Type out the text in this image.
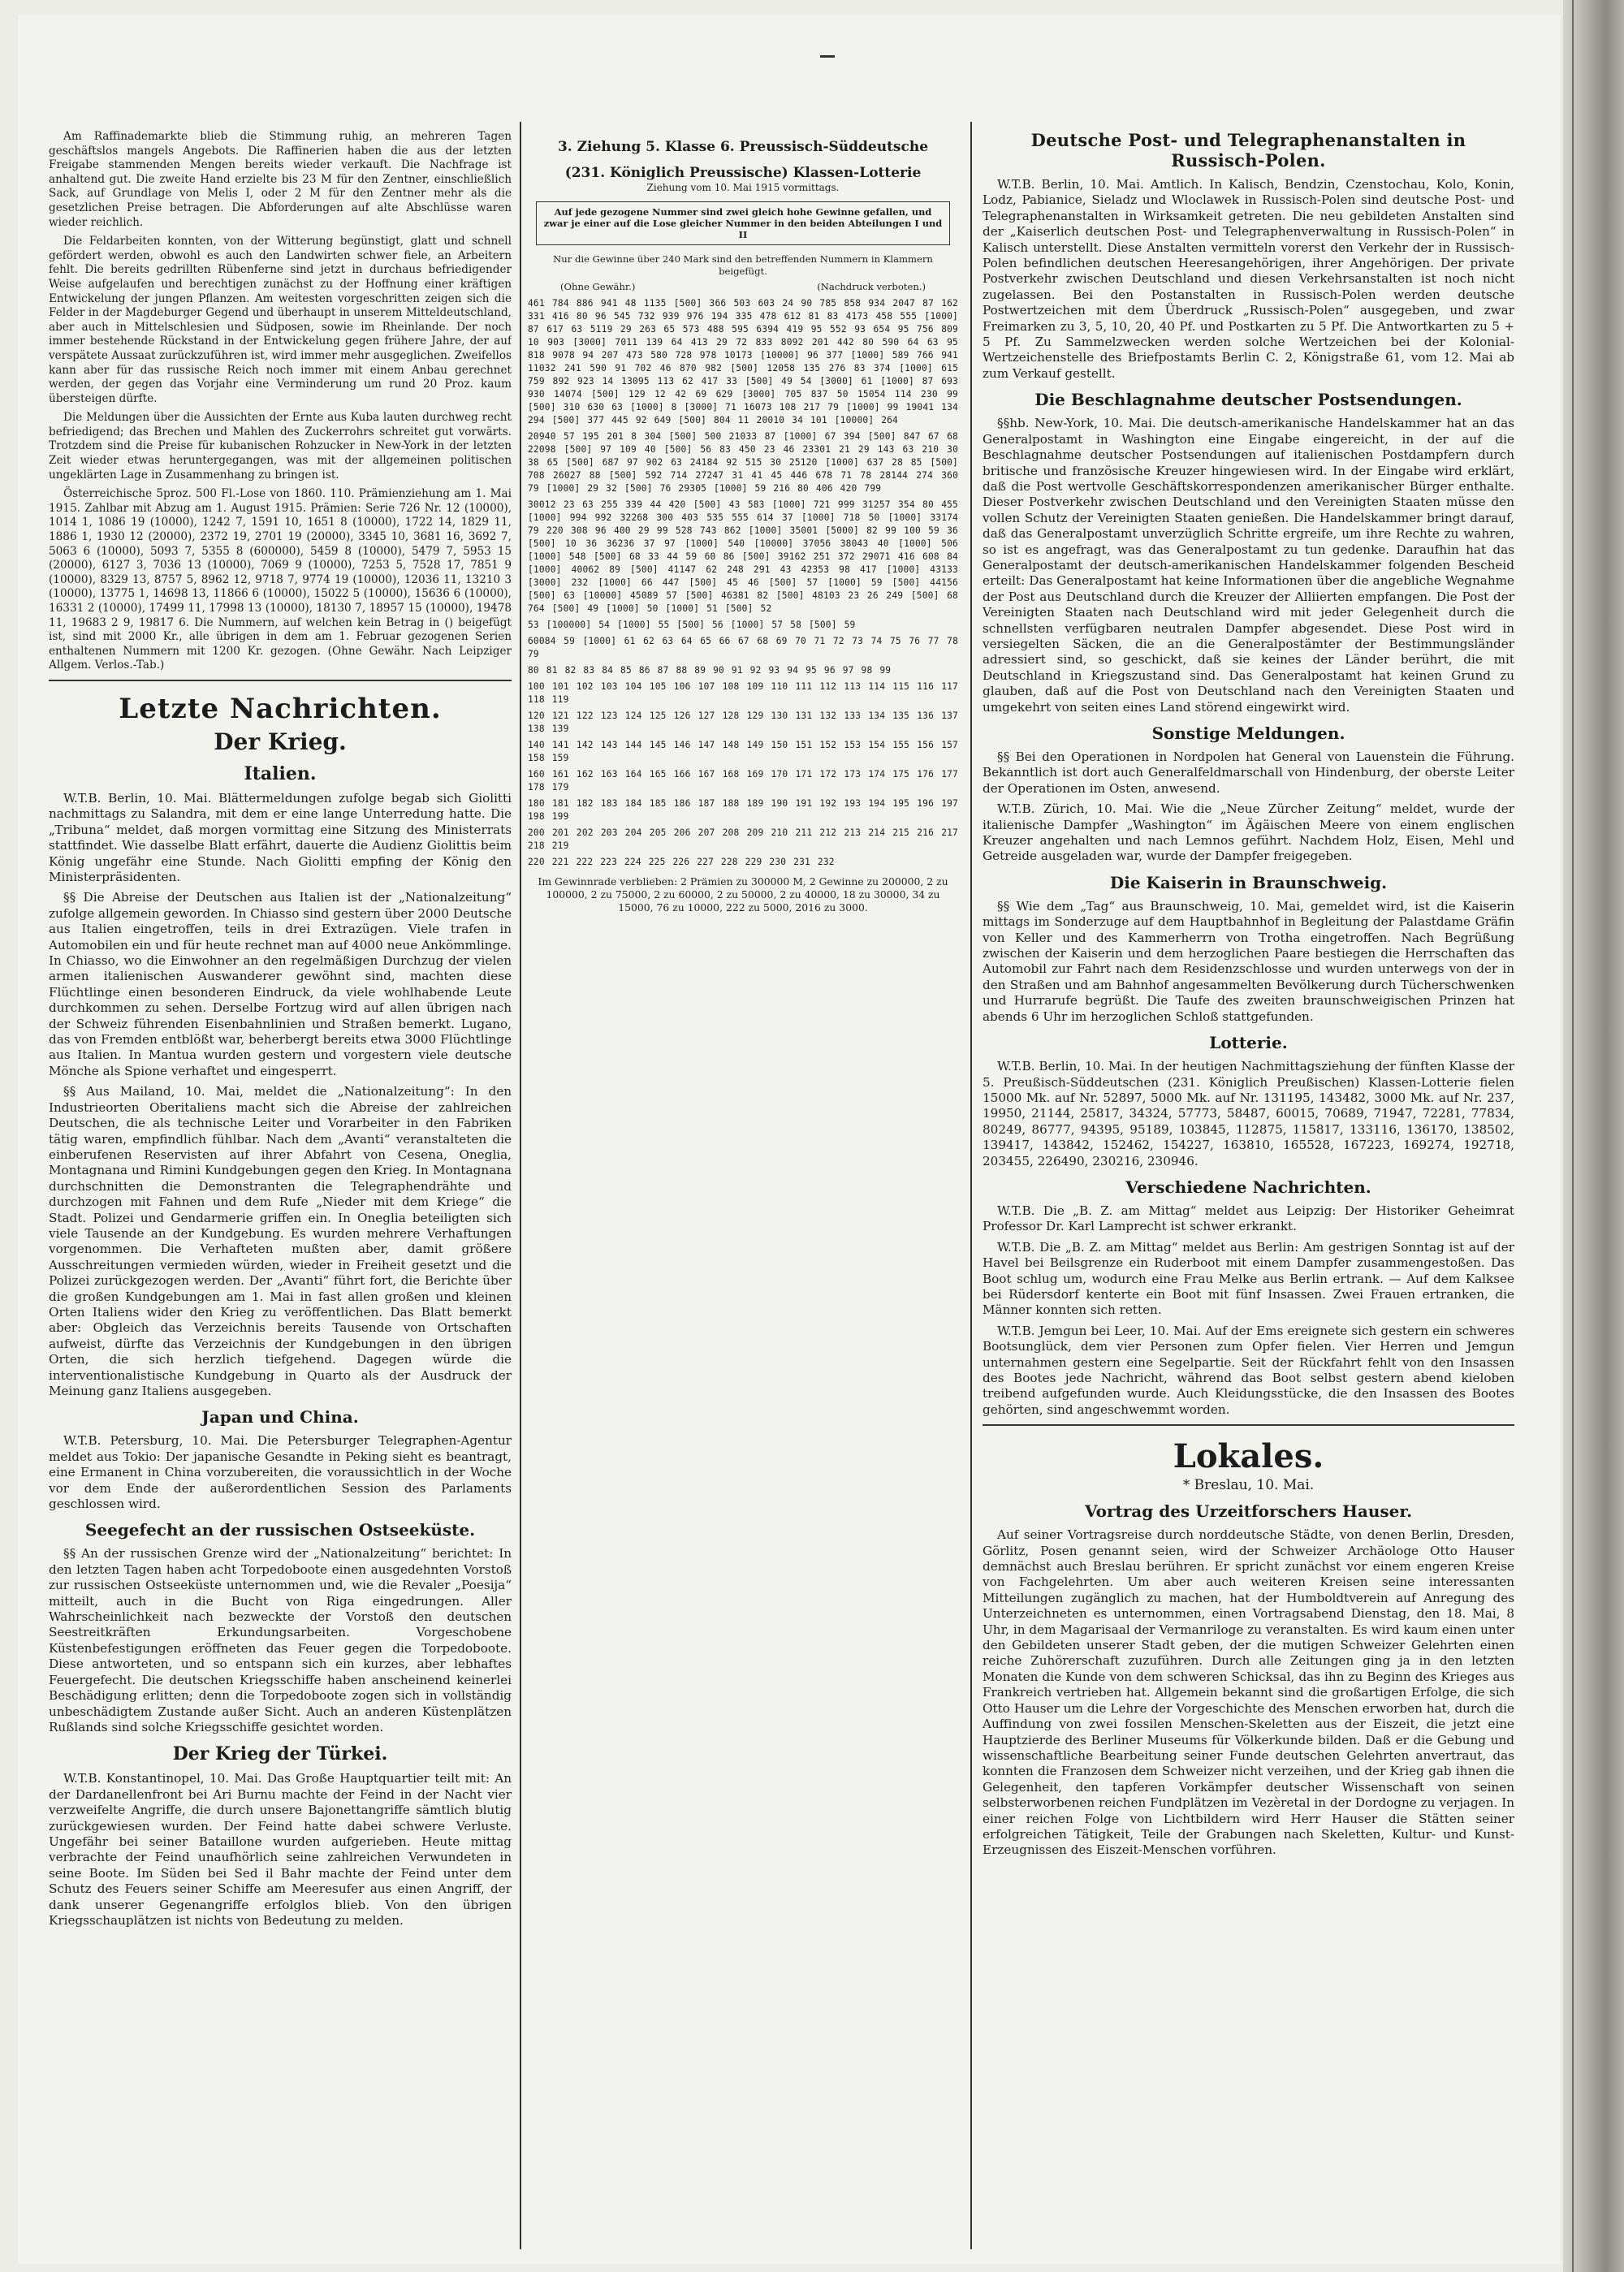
Am Raffinademarkte blieb die Stimmung ruhig, an mehreren Tagen geschäftslos mangels Angebots. Die Raffinerien haben die aus der letzten Freigabe stammenden Mengen bereits wieder verkauft. Die Nachfrage ist anhaltend gut. Die zweite Hand erzielte bis 23 M für den Zentner, einschließlich Sack, auf Grundlage von Melis I, oder 2 M für den Zentner mehr als die gesetzlichen Preise betragen. Die Abforderungen auf alte Abschlüsse waren wieder reichlich.

Die Feldarbeiten konnten, von der Witterung begünstigt, glatt und schnell gefördert werden, obwohl es auch den Landwirten schwer fiele, an Arbeitern fehlt. Die bereits gedrillten Rübenferne sind jetzt in durchaus befriedigender Weise aufgelaufen und berechtigen zunächst zu der Hoffnung einer kräftigen Entwickelung der jungen Pflanzen. Am weitesten vorgeschritten zeigen sich die Felder in der Magdeburger Gegend und überhaupt in unserem Mitteldeutschland, aber auch in Mittelschlesien und Südposen, sowie im Rheinlande. Der noch immer bestehende Rückstand in der Entwickelung gegen frühere Jahre, der auf verspätete Aussaat zurückzuführen ist, wird immer mehr ausgeglichen. Zweifellos kann aber für das russische Reich noch immer mit einem Anbau gerechnet werden, der gegen das Vorjahr eine Verminderung um rund 20 Proz. kaum übersteigen dürfte.

Die Meldungen über die Aussichten der Ernte aus Kuba lauten durchweg recht befriedigend; das Brechen und Mahlen des Zuckerrohrs schreitet gut vorwärts. Trotzdem sind die Preise für kubanischen Rohzucker in New-York in der letzten Zeit wieder etwas heruntergegangen, was mit der allgemeinen politischen ungeklärten Lage in Zusammenhang zu bringen ist.

Österreichische 5proz. 500 Fl.-Lose von 1860. 110. Prämienziehung am 1. Mai 1915. Zahlbar mit Abzug am 1. August 1915. Prämien: Serie 726 Nr. 12 (10000), 1014 1, 1086 19 (10000), 1242 7, 1591 10, 1651 8 (10000), 1722 14, 1829 11, 1886 1, 1930 12 (20000), 2372 19, 2701 19 (20000), 3345 10, 3681 16, 3692 7, 5063 6 (10000), 5093 7, 5355 8 (600000), 5459 8 (10000), 5479 7, 5953 15 (20000), 6127 3, 7036 13 (10000), 7069 9 (10000), 7253 5, 7528 17, 7851 9 (10000), 8329 13, 8757 5, 8962 12, 9718 7, 9774 19 (10000), 12036 11, 13210 3 (10000), 13775 1, 14698 13, 11866 6 (10000), 15022 5 (10000), 15636 6 (10000), 16331 2 (10000), 17499 11, 17998 13 (10000), 18130 7, 18957 15 (10000), 19478 11, 19683 2 9, 19817 6. Die Nummern, auf welchen kein Betrag in () beigefügt ist, sind mit 2000 Kr., alle übrigen in dem am 1. Februar gezogenen Serien enthaltenen Nummern mit 1200 Kr. gezogen. (Ohne Gewähr. Nach Leipziger Allgem. Verlos.-Tab.)

Letzte Nachrichten.
Der Krieg.
Italien.

W.T.B. Berlin, 10. Mai. Blättermeldungen zufolge begab sich Giolitti nachmittags zu Salandra, mit dem er eine lange Unterredung hatte. Die „Tribuna“ meldet, daß morgen vormittag eine Sitzung des Ministerrats stattfindet. Wie dasselbe Blatt erfährt, dauerte die Audienz Giolittis beim König ungefähr eine Stunde. Nach Giolitti empfing der König den Ministerpräsidenten.

§§ Die Abreise der Deutschen aus Italien ist der „Nationalzeitung“ zufolge allgemein geworden. In Chiasso sind gestern über 2000 Deutsche aus Italien eingetroffen, teils in drei Extrazügen. Viele trafen in Automobilen ein und für heute rechnet man auf 4000 neue Ankömmlinge. In Chiasso, wo die Einwohner an den regelmäßigen Durchzug der vielen armen italienischen Auswanderer gewöhnt sind, machten diese Flüchtlinge einen besonderen Eindruck, da viele wohlhabende Leute durchkommen zu sehen. Derselbe Fortzug wird auf allen übrigen nach der Schweiz führenden Eisenbahnlinien und Straßen bemerkt. Lugano, das von Fremden entblößt war, beherbergt bereits etwa 3000 Flüchtlinge aus Italien. In Mantua wurden gestern und vorgestern viele deutsche Mönche als Spione verhaftet und eingesperrt.

§§ Aus Mailand, 10. Mai, meldet die „Nationalzeitung“: In den Industrieorten Oberitaliens macht sich die Abreise der zahlreichen Deutschen, die als technische Leiter und Vorarbeiter in den Fabriken tätig waren, empfindlich fühlbar. Nach dem „Avanti“ veranstalteten die einberufenen Reservisten auf ihrer Abfahrt von Cesena, Oneglia, Montagnana und Rimini Kundgebungen gegen den Krieg. In Montagnana durchschnitten die Demonstranten die Telegraphendrähte und durchzogen mit Fahnen und dem Rufe „Nieder mit dem Kriege“ die Stadt. Polizei und Gendarmerie griffen ein. In Oneglia beteiligten sich viele Tausende an der Kundgebung. Es wurden mehrere Verhaftungen vorgenommen. Die Verhafteten mußten aber, damit größere Ausschreitungen vermieden würden, wieder in Freiheit gesetzt und die Polizei zurückgezogen werden. Der „Avanti“ führt fort, die Berichte über die großen Kundgebungen am 1. Mai in fast allen großen und kleinen Orten Italiens wider den Krieg zu veröffentlichen. Das Blatt bemerkt aber: Obgleich das Verzeichnis bereits Tausende von Ortschaften aufweist, dürfte das Verzeichnis der Kundgebungen in den übrigen Orten, die sich herzlich tiefgehend. Dagegen würde die interventionalistische Kundgebung in Quarto als der Ausdruck der Meinung ganz Italiens ausgegeben.

Japan und China.

W.T.B. Petersburg, 10. Mai. Die Petersburger Telegraphen-Agentur meldet aus Tokio: Der japanische Gesandte in Peking sieht es beantragt, eine Ermanent in China vorzubereiten, die voraussichtlich in der Woche vor dem Ende der außerordentlichen Session des Parlaments geschlossen wird.

Seegefecht an der russischen Ostseeküste.

§§ An der russischen Grenze wird der „Nationalzeitung“ berichtet: In den letzten Tagen haben acht Torpedoboote einen ausgedehnten Vorstoß zur russischen Ostseeküste unternommen und, wie die Revaler „Poesija“ mitteilt, auch in die Bucht von Riga eingedrungen. Aller Wahrscheinlichkeit nach bezweckte der Vorstoß den deutschen Seestreitkräften Erkundungsarbeiten. Vorgeschobene Küstenbefestigungen eröffneten das Feuer gegen die Torpedoboote. Diese antworteten, und so entspann sich ein kurzes, aber lebhaftes Feuergefecht. Die deutschen Kriegsschiffe haben anscheinend keinerlei Beschädigung erlitten; denn die Torpedoboote zogen sich in vollständig unbeschädigtem Zustande außer Sicht. Auch an anderen Küstenplätzen Rußlands sind solche Kriegsschiffe gesichtet worden.

Der Krieg der Türkei.

W.T.B. Konstantinopel, 10. Mai. Das Große Hauptquartier teilt mit: An der Dardanellenfront bei Ari Burnu machte der Feind in der Nacht vier verzweifelte Angriffe, die durch unsere Bajonettangriffe sämtlich blutig zurückgewiesen wurden. Der Feind hatte dabei schwere Verluste. Ungefähr bei seiner Bataillone wurden aufgerieben. Heute mittag verbrachte der Feind unaufhörlich seine zahlreichen Verwundeten in seine Boote. Im Süden bei Sed il Bahr machte der Feind unter dem Schutz des Feuers seiner Schiffe am Meeresufer aus einen Angriff, der dank unserer Gegenangriffe erfolglos blieb. Von den übrigen Kriegsschauplätzen ist nichts von Bedeutung zu melden.

3. Ziehung 5. Klasse 6. Preussisch-Süddeutsche
(231. Königlich Preussische) Klassen-Lotterie
Ziehung vom 10. Mai 1915 vormittags.
Auf jede gezogene Nummer sind zwei gleich hohe Gewinne gefallen, und zwar je einer auf die Lose gleicher Nummer in den beiden Abteilungen I und II
Nur die Gewinne über 240 Mark sind den betreffenden Nummern in Klammern beigefügt.
(Ohne Gewähr.)	(Nachdruck verboten.)
461 784 886 941 48 1135 [500] 366 503 603 24 90 785 858 934 2047 87 162 331 416 80 96 545 732 939 976 194 335 478 612 81 83 4173 458 555 [1000] 87 617 63 5119 29 263 65 573 488 595 6394 419 95 552 93 654 95 756 809 10 903 [3000] 7011 139 64 413 29 72 833 8092 201 442 80 590 64 63 95 818 9078 94 207 473 580 728 978 10173 [10000] 96 377 [1000] 589 766 941 11032 241 590 91 702 46 870 982 [500] 12058 135 276 83 374 [1000] 615 759 892 923 14 13095 113 62 417 33 [500] 49 54 [3000] 61 [1000] 87 693 930 14074 [500] 129 12 42 69 629 [3000] 705 837 50 15054 114 230 99 [500] 310 630 63 [1000] 8 [3000] 71 16073 108 217 79 [1000] 99 19041 134 294 [500] 377 445 92 649 [500] 804 11 20010 34 101 [10000] 264
20940 57 195 201 8 304 [500] 500 21033 87 [1000] 67 394 [500] 847 67 68 22098 [500] 97 109 40 [500] 56 83 450 23 46 23301 21 29 143 63 210 30 38 65 [500] 687 97 902 63 24184 92 515 30 25120 [1000] 637 28 85 [500] 708 26027 88 [500] 592 714 27247 31 41 45 446 678 71 78 28144 274 360 79 [1000] 29 32 [500] 76 29305 [1000] 59 216 80 406 420 799
30012 23 63 255 339 44 420 [500] 43 583 [1000] 721 999 31257 354 80 455 [1000] 994 992 32268 300 403 535 555 614 37 [1000] 718 50 [1000] 33174 79 220 308 96 400 29 99 528 743 862 [1000] 35001 [5000] 82 99 100 59 36 [500] 10 36 36236 37 97 [1000] 540 [10000] 37056 38043 40 [1000] 506 [1000] 548 [500] 68 33 44 59 60 86 [500] 39162 251 372 29071 416 608 84 [1000] 40062 89 [500] 41147 62 248 291 43 42353 98 417 [1000] 43133 [3000] 232 [1000] 66 447 [500] 45 46 [500] 57 [1000] 59 [500] 44156 [500] 63 [10000] 45089 57 [500] 46381 82 [500] 48103 23 26 249 [500] 68 764 [500] 49 [1000] 50 [1000] 51 [500] 52
53 [100000] 54 [1000] 55 [500] 56 [1000] 57 58 [500] 59
60084 59 [1000] 61 62 63 64 65 66 67 68 69 70 71 72 73 74 75 76 77 78 79
80 81 82 83 84 85 86 87 88 89 90 91 92 93 94 95 96 97 98 99
100 101 102 103 104 105 106 107 108 109 110 111 112 113 114 115 116 117 118 119
120 121 122 123 124 125 126 127 128 129 130 131 132 133 134 135 136 137 138 139
140 141 142 143 144 145 146 147 148 149 150 151 152 153 154 155 156 157 158 159
160 161 162 163 164 165 166 167 168 169 170 171 172 173 174 175 176 177 178 179
180 181 182 183 184 185 186 187 188 189 190 191 192 193 194 195 196 197 198 199
200 201 202 203 204 205 206 207 208 209 210 211 212 213 214 215 216 217 218 219
220 221 222 223 224 225 226 227 228 229 230 231 232
Im Gewinnrade verblieben: 2 Prämien zu 300000 M, 2 Gewinne zu 200000, 2 zu 100000, 2 zu 75000, 2 zu 60000, 2 zu 50000, 2 zu 40000, 18 zu 30000, 34 zu 15000, 76 zu 10000, 222 zu 5000, 2016 zu 3000.
Deutsche Post- und Telegraphenanstalten in Russisch-Polen.

W.T.B. Berlin, 10. Mai. Amtlich. In Kalisch, Bendzin, Czenstochau, Kolo, Konin, Lodz, Pabianice, Sieladz und Wloclawek in Russisch-Polen sind deutsche Post- und Telegraphenanstalten in Wirksamkeit getreten. Die neu gebildeten Anstalten sind der „Kaiserlich deutschen Post- und Telegraphenverwaltung in Russisch-Polen“ in Kalisch unterstellt. Diese Anstalten vermitteln vorerst den Verkehr der in Russisch-Polen befindlichen deutschen Heeresangehörigen, ihrer Angehörigen. Der private Postverkehr zwischen Deutschland und diesen Verkehrsanstalten ist noch nicht zugelassen. Bei den Postanstalten in Russisch-Polen werden deutsche Postwertzeichen mit dem Überdruck „Russisch-Polen“ ausgegeben, und zwar Freimarken zu 3, 5, 10, 20, 40 Pf. und Postkarten zu 5 Pf. Die Antwortkarten zu 5 + 5 Pf. Zu Sammelzwecken werden solche Wertzeichen bei der Kolonial-Wertzeichenstelle des Briefpostamts Berlin C. 2, Königstraße 61, vom 12. Mai ab zum Verkauf gestellt.

Die Beschlagnahme deutscher Postsendungen.

§§hb. New-York, 10. Mai. Die deutsch-amerikanische Handelskammer hat an das Generalpostamt in Washington eine Eingabe eingereicht, in der auf die Beschlagnahme deutscher Postsendungen auf italienischen Postdampfern durch britische und französische Kreuzer hingewiesen wird. In der Eingabe wird erklärt, daß die Post wertvolle Geschäftskorrespondenzen amerikanischer Bürger enthalte. Dieser Postverkehr zwischen Deutschland und den Vereinigten Staaten müsse den vollen Schutz der Vereinigten Staaten genießen. Die Handelskammer bringt darauf, daß das Generalpostamt unverzüglich Schritte ergreife, um ihre Rechte zu wahren, so ist es angefragt, was das Generalpostamt zu tun gedenke. Daraufhin hat das Generalpostamt der deutsch-amerikanischen Handelskammer folgenden Bescheid erteilt: Das Generalpostamt hat keine Informationen über die angebliche Wegnahme der Post aus Deutschland durch die Kreuzer der Alliierten empfangen. Die Post der Vereinigten Staaten nach Deutschland wird mit jeder Gelegenheit durch die schnellsten verfügbaren neutralen Dampfer abgesendet. Diese Post wird in versiegelten Säcken, die an die Generalpostämter der Bestimmungsländer adressiert sind, so geschickt, daß sie keines der Länder berührt, die mit Deutschland in Kriegszustand sind. Das Generalpostamt hat keinen Grund zu glauben, daß auf die Post von Deutschland nach den Vereinigten Staaten und umgekehrt von seiten eines Land störend eingewirkt wird.

Sonstige Meldungen.

§§ Bei den Operationen in Nordpolen hat General von Lauenstein die Führung. Bekanntlich ist dort auch Generalfeldmarschall von Hindenburg, der oberste Leiter der Operationen im Osten, anwesend.

W.T.B. Zürich, 10. Mai. Wie die „Neue Zürcher Zeitung“ meldet, wurde der italienische Dampfer „Washington“ im Ägäischen Meere von einem englischen Kreuzer angehalten und nach Lemnos geführt. Nachdem Holz, Eisen, Mehl und Getreide ausgeladen war, wurde der Dampfer freigegeben.

Die Kaiserin in Braunschweig.

§§ Wie dem „Tag“ aus Braunschweig, 10. Mai, gemeldet wird, ist die Kaiserin mittags im Sonderzuge auf dem Hauptbahnhof in Begleitung der Palastdame Gräfin von Keller und des Kammerherrn von Trotha eingetroffen. Nach Begrüßung zwischen der Kaiserin und dem herzoglichen Paare bestiegen die Herrschaften das Automobil zur Fahrt nach dem Residenzschlosse und wurden unterwegs von der in den Straßen und am Bahnhof angesammelten Bevölkerung durch Tücherschwenken und Hurrarufe begrüßt. Die Taufe des zweiten braunschweigischen Prinzen hat abends 6 Uhr im herzoglichen Schloß stattgefunden.

Lotterie.

W.T.B. Berlin, 10. Mai. In der heutigen Nachmittagsziehung der fünften Klasse der 5. Preußisch-Süddeutschen (231. Königlich Preußischen) Klassen-Lotterie fielen 15000 Mk. auf Nr. 52897, 5000 Mk. auf Nr. 131195, 143482, 3000 Mk. auf Nr. 237, 19950, 21144, 25817, 34324, 57773, 58487, 60015, 70689, 71947, 72281, 77834, 80249, 86777, 94395, 95189, 103845, 112875, 115817, 133116, 136170, 138502, 139417, 143842, 152462, 154227, 163810, 165528, 167223, 169274, 192718, 203455, 226490, 230216, 230946.

Verschiedene Nachrichten.

W.T.B. Die „B. Z. am Mittag“ meldet aus Leipzig: Der Historiker Geheimrat Professor Dr. Karl Lamprecht ist schwer erkrankt.

W.T.B. Die „B. Z. am Mittag“ meldet aus Berlin: Am gestrigen Sonntag ist auf der Havel bei Beilsgrenze ein Ruderboot mit einem Dampfer zusammengestoßen. Das Boot schlug um, wodurch eine Frau Melke aus Berlin ertrank. — Auf dem Kalksee bei Rüdersdorf kenterte ein Boot mit fünf Insassen. Zwei Frauen ertranken, die Männer konnten sich retten.

W.T.B. Jemgun bei Leer, 10. Mai. Auf der Ems ereignete sich gestern ein schweres Bootsunglück, dem vier Personen zum Opfer fielen. Vier Herren und Jemgun unternahmen gestern eine Segelpartie. Seit der Rückfahrt fehlt von den Insassen des Bootes jede Nachricht, während das Boot selbst gestern abend kieloben treibend aufgefunden wurde. Auch Kleidungsstücke, die den Insassen des Bootes gehörten, sind angeschwemmt worden.

Lokales.
* Breslau, 10. Mai.
Vortrag des Urzeitforschers Hauser.

Auf seiner Vortragsreise durch norddeutsche Städte, von denen Berlin, Dresden, Görlitz, Posen genannt seien, wird der Schweizer Archäologe Otto Hauser demnächst auch Breslau berühren. Er spricht zunächst vor einem engeren Kreise von Fachgelehrten. Um aber auch weiteren Kreisen seine interessanten Mitteilungen zugänglich zu machen, hat der Humboldtverein auf Anregung des Unterzeichneten es unternommen, einen Vortragsabend Dienstag, den 18. Mai, 8 Uhr, in dem Magarisaal der Vermanriloge zu veranstalten. Es wird kaum einen unter den Gebildeten unserer Stadt geben, der die mutigen Schweizer Gelehrten einen reiche Zuhörerschaft zuzuführen. Durch alle Zeitungen ging ja in den letzten Monaten die Kunde von dem schweren Schicksal, das ihn zu Beginn des Krieges aus Frankreich vertrieben hat. Allgemein bekannt sind die großartigen Erfolge, die sich Otto Hauser um die Lehre der Vorgeschichte des Menschen erworben hat, durch die Auffindung von zwei fossilen Menschen-Skeletten aus der Eiszeit, die jetzt eine Hauptzierde des Berliner Museums für Völkerkunde bilden. Daß er die Gebung und wissenschaftliche Bearbeitung seiner Funde deutschen Gelehrten anvertraut, das konnten die Franzosen dem Schweizer nicht verzeihen, und der Krieg gab ihnen die Gelegenheit, den tapferen Vorkämpfer deutscher Wissenschaft von seinen selbsterworbenen reichen Fundplätzen im Vezèretal in der Dordogne zu verjagen. In einer reichen Folge von Lichtbildern wird Herr Hauser die Stätten seiner erfolgreichen Tätigkeit, Teile der Grabungen nach Skeletten, Kultur- und Kunst-Erzeugnissen des Eiszeit-Menschen vorführen.
